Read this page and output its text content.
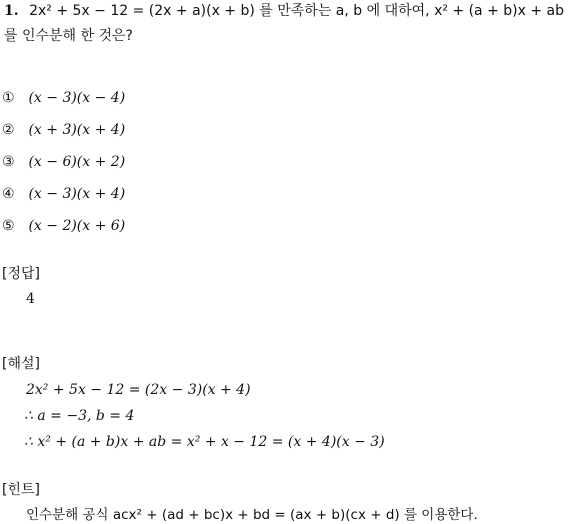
1. 2x² + 5x − 12 = (2x + a)(x + b) 를 만족하는 a, b 에 대하여, x² + (a + b)x + ab
를 인수분해 한 것은?
① (x − 3)(x − 4)
② (x + 3)(x + 4)
③ (x − 6)(x + 2)
④ (x − 3)(x + 4)
⑤ (x − 2)(x + 6)
[정답]
4
[해설]
2x² + 5x − 12 = (2x − 3)(x + 4)
∴ a = −3, b = 4
∴ x² + (a + b)x + ab = x² + x − 12 = (x + 4)(x − 3)
[힌트]
인수분해 공식 acx² + (ad + bc)x + bd = (ax + b)(cx + d) 를 이용한다.
